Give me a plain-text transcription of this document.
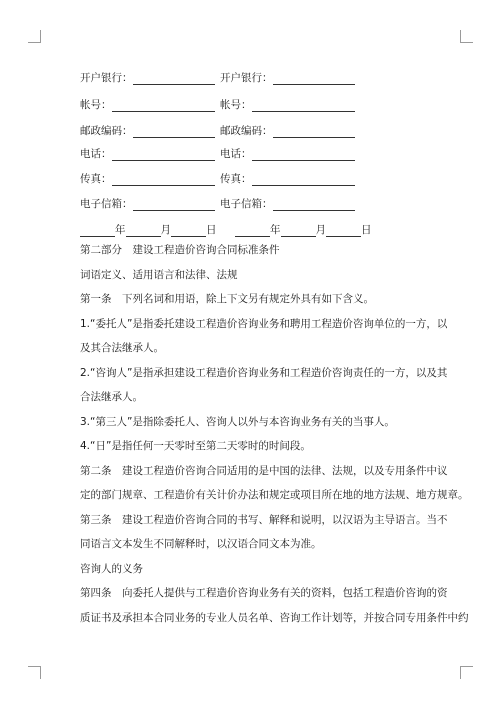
开户银行：	开户银行：
帐号：	帐号：
邮政编码：	邮政编码：
电话：	电话：
传真：	传真：
电子信箱：	电子信箱：
年	月	日	年	月	日

第二部分　建设工程造价咨询合同标准条件

词语定义、适用语言和法律、法规

第一条　下列名词和用语，除上下文另有规定外具有如下含义。

1.“委托人”是指委托建设工程造价咨询业务和聘用工程造价咨询单位的一方，以

及其合法继承人。

2.“咨询人”是指承担建设工程造价咨询业务和工程造价咨询责任的一方，以及其

合法继承人。

3.“第三人”是指除委托人、咨询人以外与本咨询业务有关的当事人。

4.“日”是指任何一天零时至第二天零时的时间段。

第二条　建设工程造价咨询合同适用的是中国的法律、法规，以及专用条件中议

定的部门规章、工程造价有关计价办法和规定或项目所在地的地方法规、地方规章。

第三条　建设工程造价咨询合同的书写、解释和说明，以汉语为主导语言。当不

同语言文本发生不同解释时，以汉语合同文本为准。

咨询人的义务

第四条　向委托人提供与工程造价咨询业务有关的资料，包括工程造价咨询的资

质证书及承担本合同业务的专业人员名单、咨询工作计划等，并按合同专用条件中约
